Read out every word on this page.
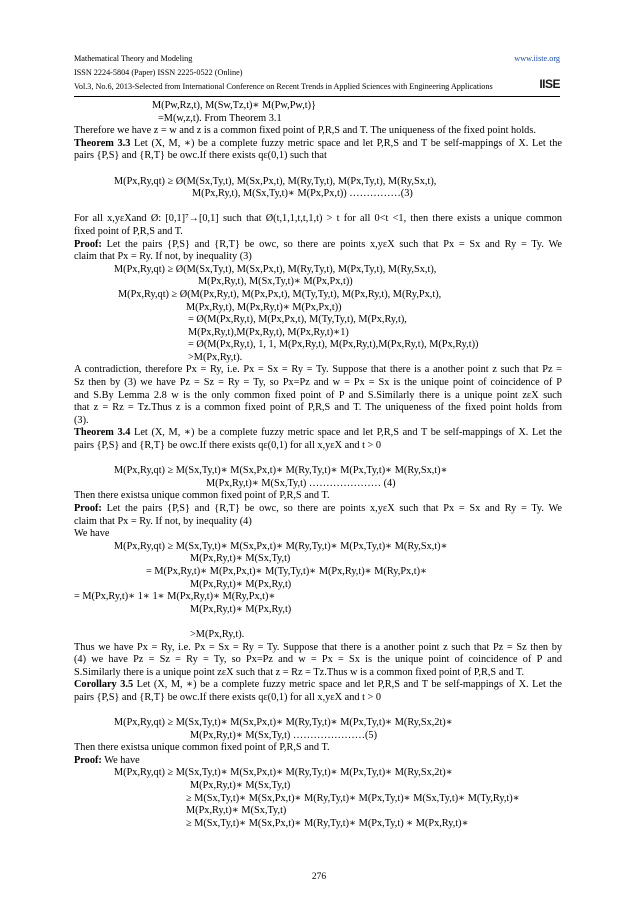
Mathematical Theory and Modeling	www.iiste.org
ISSN 2224-5804 (Paper) ISSN 2225-0522 (Online)
Vol.3, No.6, 2013-Selected from International Conference on Recent Trends in Applied Sciences with Engineering Applications	IISE
M(Pw,Rz,t), M(Sw,Tz,t)∗ M(Pw,Pw,t)}
=M(w,z,t). From Theorem 3.1
Therefore we have z = w and z is a common fixed point of P,R,S and T. The uniqueness of the fixed point holds.
Theorem 3.3 Let (X, M, ∗) be a complete fuzzy metric space and let P,R,S and T be self-mappings of X. Let the
pairs {P,S} and {R,T} be owc.If there exists qε(0,1) such that
M(Px,Ry,qt) ≥ Ø(M(Sx,Ty,t), M(Sx,Px,t), M(Ry,Ty,t), M(Px,Ty,t), M(Ry,Sx,t),
M(Px,Ry,t), M(Sx,Ty,t)∗ M(Px,Px,t)) ……………(3)
For all x,yεXand Ø: [0,1]⁷→[0,1] such that Ø(t,1,1,t,t,1,t) > t for all 0<t <1, then there exists a unique common
fixed point of P,R,S and T.
Proof: Let the pairs {P,S} and {R,T} be owc, so there are points x,yεX such that Px = Sx and Ry = Ty. We
claim that Px = Ry. If not, by inequality (3)
M(Px,Ry,qt) ≥ Ø(M(Sx,Ty,t), M(Sx,Px,t), M(Ry,Ty,t), M(Px,Ty,t), M(Ry,Sx,t),
M(Px,Ry,t), M(Sx,Ty,t)∗ M(Px,Px,t))
M(Px,Ry,qt) ≥ Ø(M(Px,Ry,t), M(Px,Px,t), M(Ty,Ty,t), M(Px,Ry,t), M(Ry,Px,t),
M(Px,Ry,t), M(Px,Ry,t)∗ M(Px,Px,t))
= Ø(M(Px,Ry,t), M(Px,Px,t), M(Ty,Ty,t), M(Px,Ry,t),
M(Px,Ry,t),M(Px,Ry,t), M(Px,Ry,t)∗1)
= Ø(M(Px,Ry,t), 1, 1, M(Px,Ry,t), M(Px,Ry,t),M(Px,Ry,t), M(Px,Ry,t))
>M(Px,Ry,t).
A contradiction, therefore Px = Ry, i.e. Px = Sx = Ry = Ty. Suppose that there is a another point z such that Pz =
Sz then by (3) we have Pz = Sz = Ry = Ty, so Px=Pz and w = Px = Sx is the unique point of coincidence of P
and S.By Lemma 2.8 w is the only common fixed point of P and S.Similarly there is a unique point zεX such
that z = Rz = Tz.Thus z is a common fixed point of P,R,S and T. The uniqueness of the fixed point holds from
(3).
Theorem 3.4 Let (X, M, ∗) be a complete fuzzy metric space and let P,R,S and T be self-mappings of X. Let the
pairs {P,S} and {R,T} be owc.If there exists qε(0,1) for all x,yεX and t > 0
M(Px,Ry,qt) ≥ M(Sx,Ty,t)∗ M(Sx,Px,t)∗ M(Ry,Ty,t)∗ M(Px,Ty,t)∗ M(Ry,Sx,t)∗
M(Px,Ry,t)∗ M(Sx,Ty,t) ………………… (4)
Then there existsa unique common fixed point of P,R,S and T.
Proof: Let the pairs {P,S} and {R,T} be owc, so there are points x,yεX such that Px = Sx and Ry = Ty. We
claim that Px = Ry. If not, by inequality (4)
We have
M(Px,Ry,qt) ≥ M(Sx,Ty,t)∗ M(Sx,Px,t)∗ M(Ry,Ty,t)∗ M(Px,Ty,t)∗ M(Ry,Sx,t)∗
M(Px,Ry,t)∗ M(Sx,Ty,t)
= M(Px,Ry,t)∗ M(Px,Px,t)∗ M(Ty,Ty,t)∗ M(Px,Ry,t)∗ M(Ry,Px,t)∗
M(Px,Ry,t)∗ M(Px,Ry,t)
= M(Px,Ry,t)∗ 1∗ 1∗ M(Px,Ry,t)∗ M(Ry,Px,t)∗
M(Px,Ry,t)∗ M(Px,Ry,t)
>M(Px,Ry,t).
Thus we have Px = Ry, i.e. Px = Sx = Ry = Ty. Suppose that there is a another point z such that Pz = Sz then by
(4) we have Pz = Sz = Ry = Ty, so Px=Pz and w = Px = Sx is the unique point of coincidence of P and
S.Similarly there is a unique point zεX such that z = Rz = Tz.Thus w is a common fixed point of P,R,S and T.
Corollary 3.5 Let (X, M, ∗) be a complete fuzzy metric space and let P,R,S and T be self-mappings of X. Let the
pairs {P,S} and {R,T} be owc.If there exists qε(0,1) for all x,yεX and t > 0
M(Px,Ry,qt) ≥ M(Sx,Ty,t)∗ M(Sx,Px,t)∗ M(Ry,Ty,t)∗ M(Px,Ty,t)∗ M(Ry,Sx,2t)∗
M(Px,Ry,t)∗ M(Sx,Ty,t) …………………(5)
Then there existsa unique common fixed point of P,R,S and T.
Proof: We have
M(Px,Ry,qt) ≥ M(Sx,Ty,t)∗ M(Sx,Px,t)∗ M(Ry,Ty,t)∗ M(Px,Ty,t)∗ M(Ry,Sx,2t)∗
M(Px,Ry,t)∗ M(Sx,Ty,t)
≥ M(Sx,Ty,t)∗ M(Sx,Px,t)∗ M(Ry,Ty,t)∗ M(Px,Ty,t)∗ M(Sx,Ty,t)∗ M(Ty,Ry,t)∗
M(Px,Ry,t)∗ M(Sx,Ty,t)
≥ M(Sx,Ty,t)∗ M(Sx,Px,t)∗ M(Ry,Ty,t)∗ M(Px,Ty,t) ∗ M(Px,Ry,t)∗
276
